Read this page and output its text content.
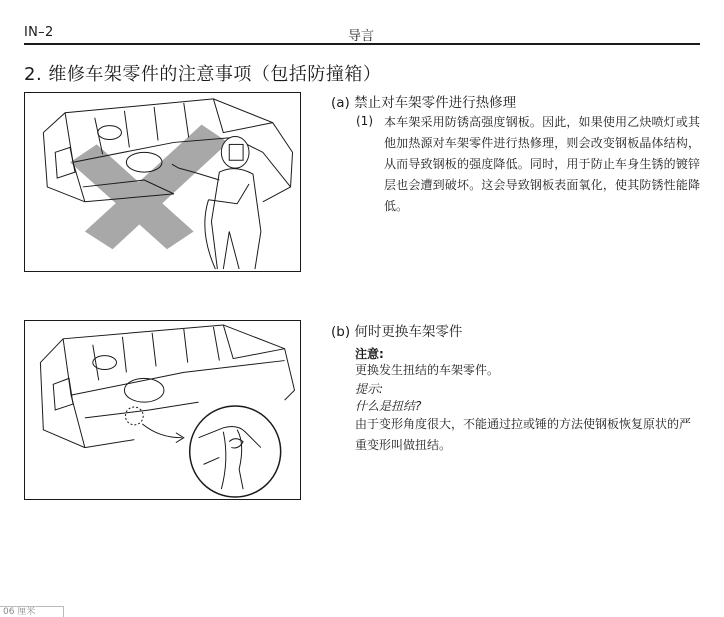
IN–2	导言
2. 维修车架零件的注意事项（包括防撞箱）
(a) 禁止对车架零件进行热修理
(1) 本车架采用防锈高强度钢板。因此，如果使用乙炔喷灯或其他加热源对车架零件进行热修理，则会改变钢板晶体结构，从而导致钢板的强度降低。同时，用于防止车身生锈的镀锌层也会遭到破坏。这会导致钢板表面氧化，使其防锈性能降低。
(b) 何时更换车架零件
注意:
更换发生扭结的车架零件。
提示:
什么是扭结?
由于变形角度很大，不能通过拉或锤的方法使钢板恢复原状的严重变形叫做扭结。
06 厘米
